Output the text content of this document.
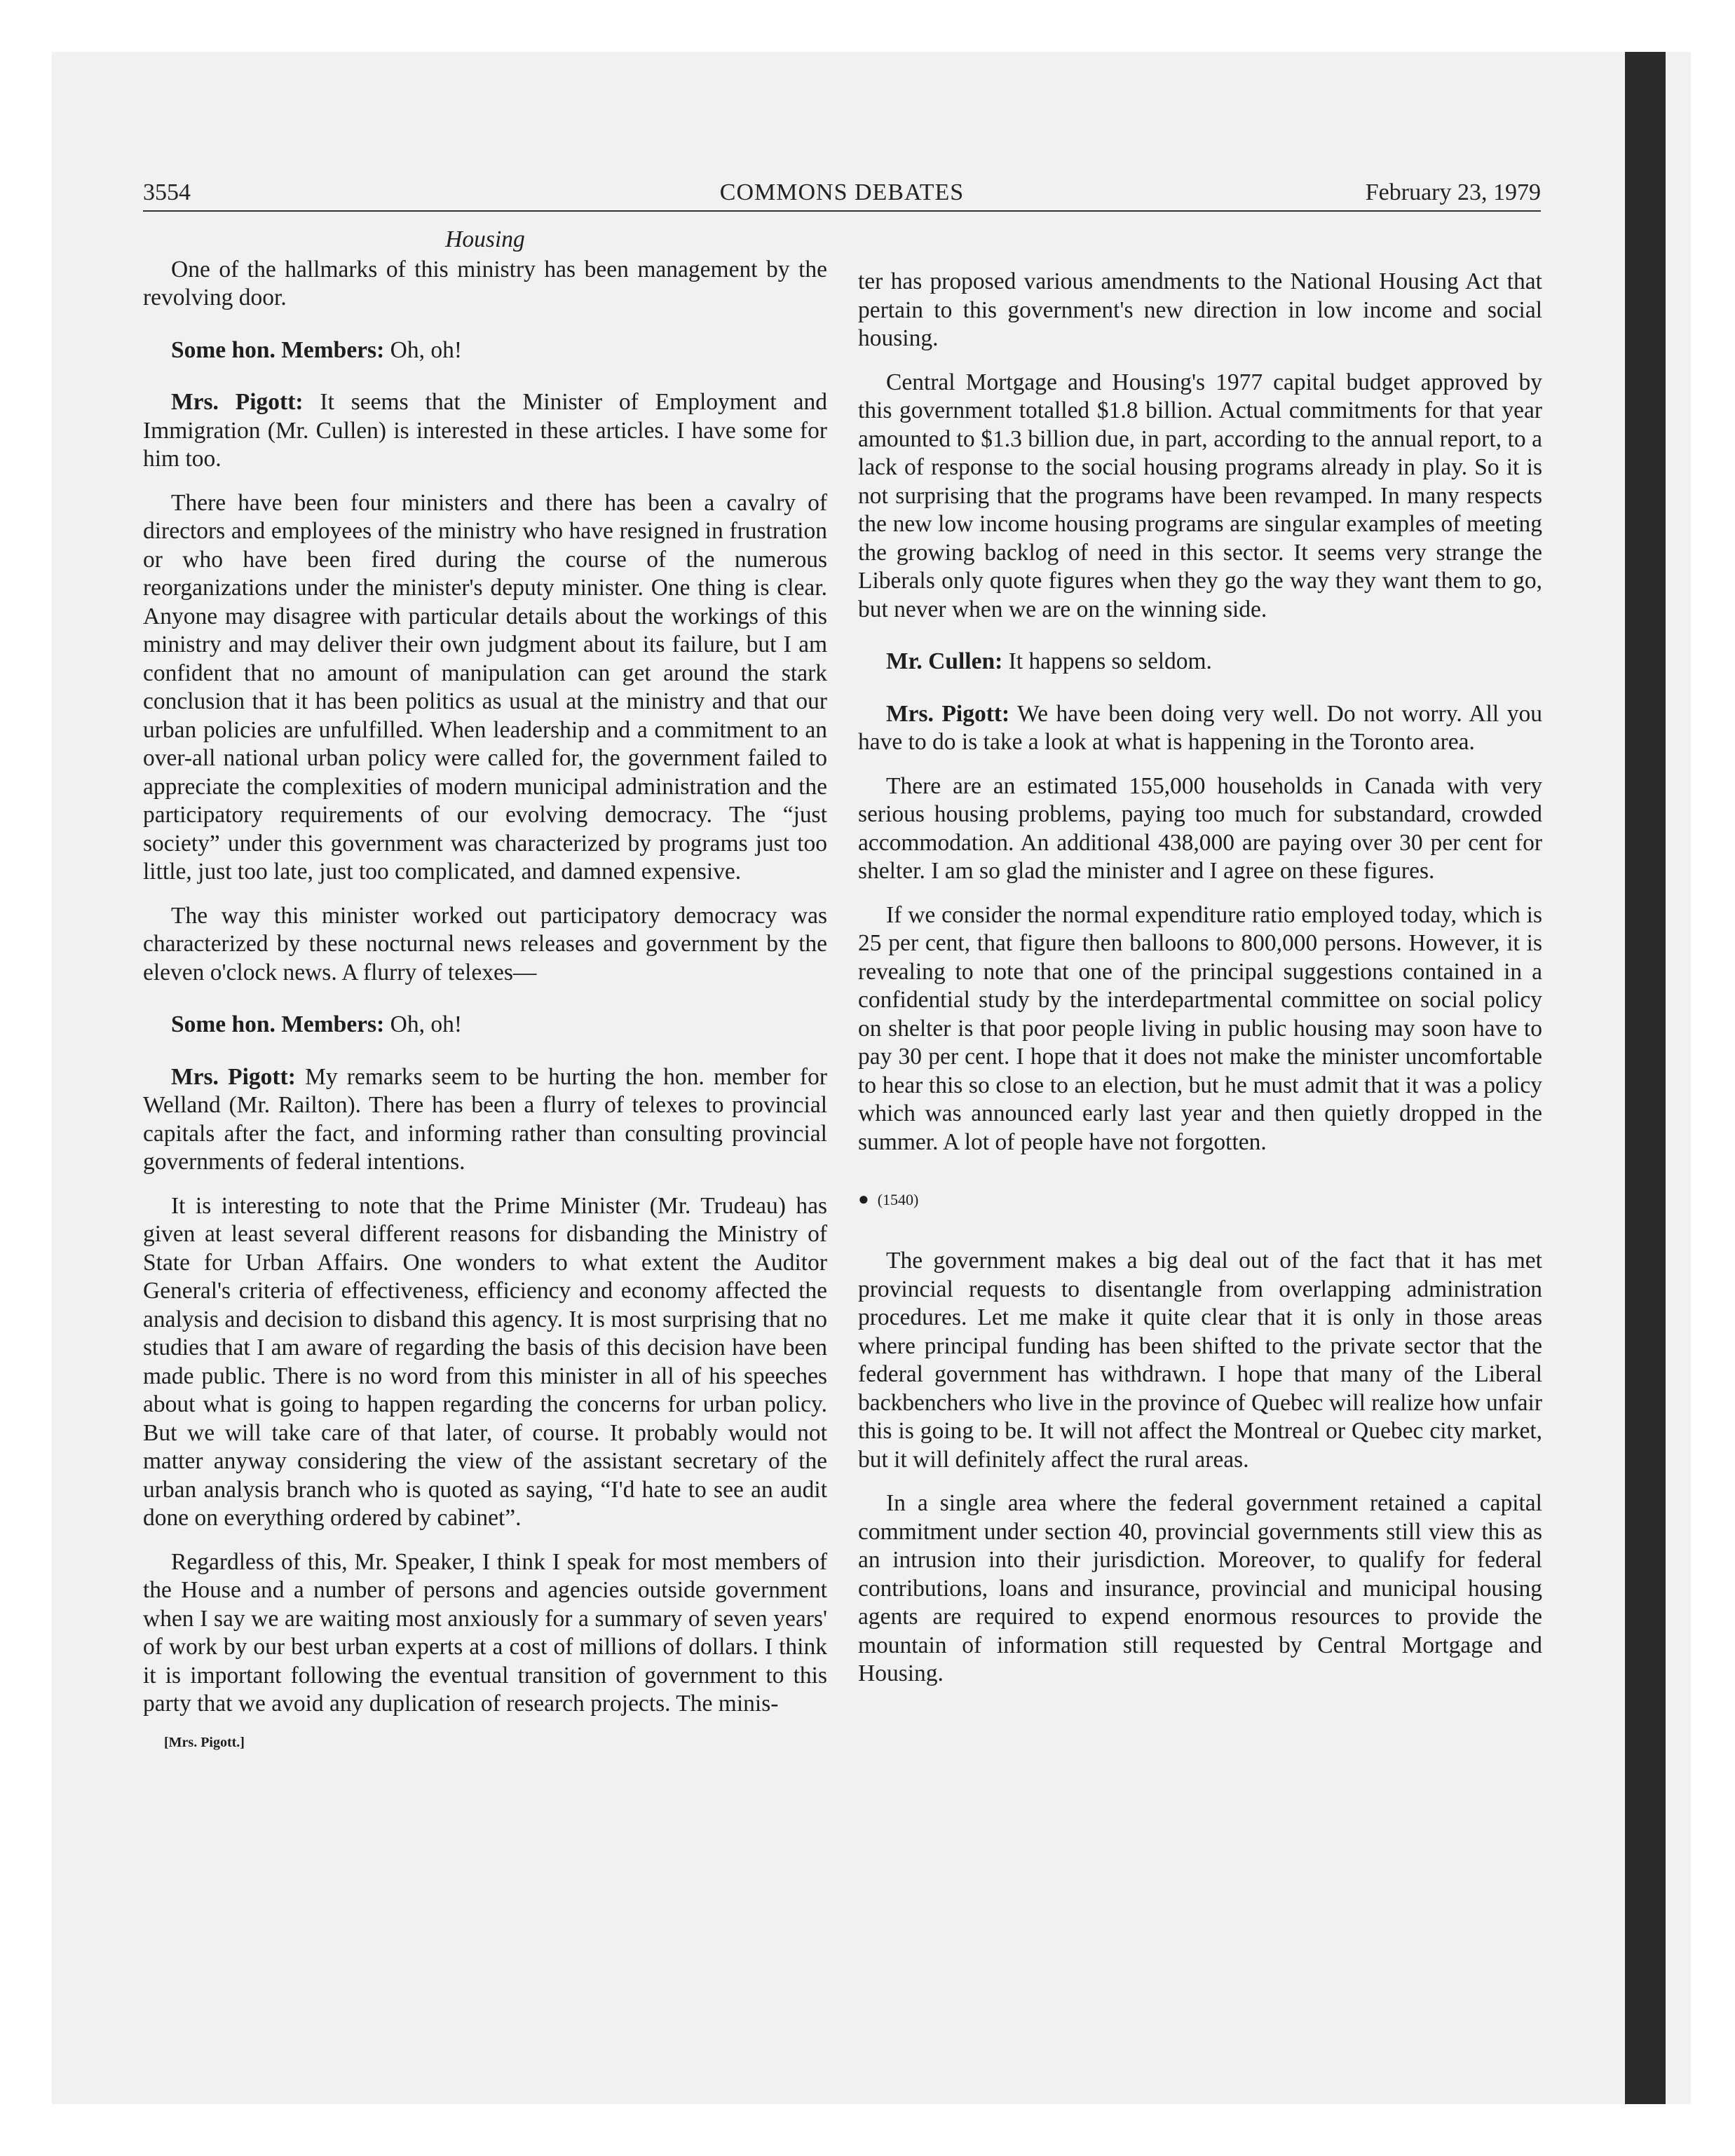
3554	COMMONS DEBATES	February 23, 1979
Housing

One of the hallmarks of this ministry has been management by the revolving door.

Some hon. Members: Oh, oh!

Mrs. Pigott: It seems that the Minister of Employment and Immigration (Mr. Cullen) is interested in these articles. I have some for him too.

There have been four ministers and there has been a cavalry of directors and employees of the ministry who have resigned in frustration or who have been fired during the course of the numerous reorganizations under the minister's deputy minister. One thing is clear. Anyone may disagree with particular details about the workings of this ministry and may deliver their own judgment about its failure, but I am confident that no amount of manipulation can get around the stark conclusion that it has been politics as usual at the ministry and that our urban policies are unfulfilled. When leadership and a commitment to an over-all national urban policy were called for, the government failed to appreciate the complexities of modern municipal administration and the participatory requirements of our evolving democracy. The “just society” under this government was characterized by programs just too little, just too late, just too complicated, and damned expensive.

The way this minister worked out participatory democracy was characterized by these nocturnal news releases and government by the eleven o'clock news. A flurry of telexes—

Some hon. Members: Oh, oh!

Mrs. Pigott: My remarks seem to be hurting the hon. member for Welland (Mr. Railton). There has been a flurry of telexes to provincial capitals after the fact, and informing rather than consulting provincial governments of federal intentions.

It is interesting to note that the Prime Minister (Mr. Trudeau) has given at least several different reasons for disbanding the Ministry of State for Urban Affairs. One wonders to what extent the Auditor General's criteria of effectiveness, efficiency and economy affected the analysis and decision to disband this agency. It is most surprising that no studies that I am aware of regarding the basis of this decision have been made public. There is no word from this minister in all of his speeches about what is going to happen regarding the concerns for urban policy. But we will take care of that later, of course. It probably would not matter anyway considering the view of the assistant secretary of the urban analysis branch who is quoted as saying, “I'd hate to see an audit done on everything ordered by cabinet”.

Regardless of this, Mr. Speaker, I think I speak for most members of the House and a number of persons and agencies outside government when I say we are waiting most anxiously for a summary of seven years' of work by our best urban experts at a cost of millions of dollars. I think it is important following the eventual transition of government to this party that we avoid any duplication of research projects. The minis-

[Mrs. Pigott.]

ter has proposed various amendments to the National Housing Act that pertain to this government's new direction in low income and social housing.

Central Mortgage and Housing's 1977 capital budget approved by this government totalled $1.8 billion. Actual commitments for that year amounted to $1.3 billion due, in part, according to the annual report, to a lack of response to the social housing programs already in play. So it is not surprising that the programs have been revamped. In many respects the new low income housing programs are singular examples of meeting the growing backlog of need in this sector. It seems very strange the Liberals only quote figures when they go the way they want them to go, but never when we are on the winning side.

Mr. Cullen: It happens so seldom.

Mrs. Pigott: We have been doing very well. Do not worry. All you have to do is take a look at what is happening in the Toronto area.

There are an estimated 155,000 households in Canada with very serious housing problems, paying too much for substandard, crowded accommodation. An additional 438,000 are paying over 30 per cent for shelter. I am so glad the minister and I agree on these figures.

If we consider the normal expenditure ratio employed today, which is 25 per cent, that figure then balloons to 800,000 persons. However, it is revealing to note that one of the principal suggestions contained in a confidential study by the interdepartmental committee on social policy on shelter is that poor people living in public housing may soon have to pay 30 per cent. I hope that it does not make the minister uncomfortable to hear this so close to an election, but he must admit that it was a policy which was announced early last year and then quietly dropped in the summer. A lot of people have not forgotten.

● (1540)

The government makes a big deal out of the fact that it has met provincial requests to disentangle from overlapping administration procedures. Let me make it quite clear that it is only in those areas where principal funding has been shifted to the private sector that the federal government has withdrawn. I hope that many of the Liberal backbenchers who live in the province of Quebec will realize how unfair this is going to be. It will not affect the Montreal or Quebec city market, but it will definitely affect the rural areas.

In a single area where the federal government retained a capital commitment under section 40, provincial governments still view this as an intrusion into their jurisdiction. Moreover, to qualify for federal contributions, loans and insurance, provincial and municipal housing agents are required to expend enormous resources to provide the mountain of information still requested by Central Mortgage and Housing.
